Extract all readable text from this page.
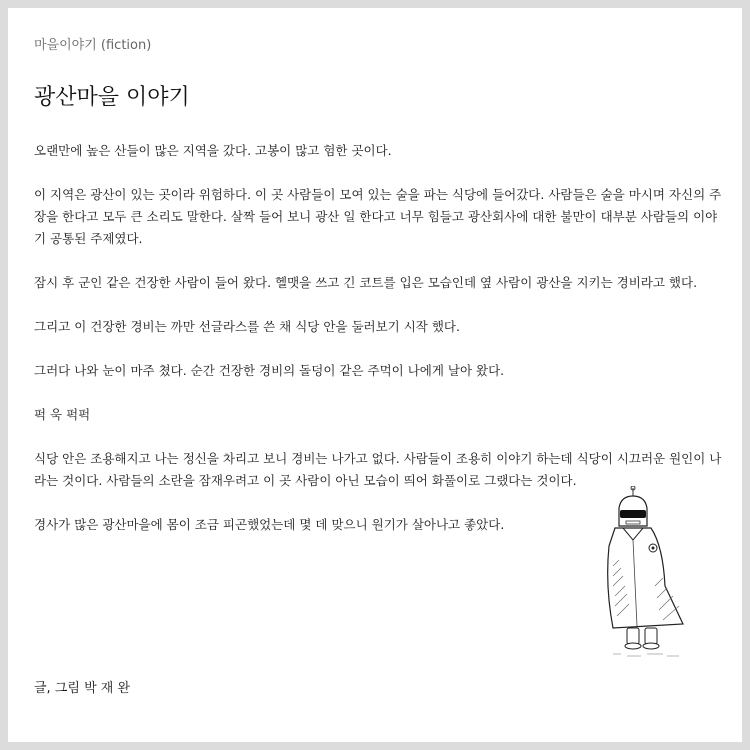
마을이야기 (fiction)
광산마을 이야기

오랜만에 높은 산들이 많은 지역을 갔다. 고봉이 많고 험한 곳이다.

이 지역은 광산이 있는 곳이라 위험하다. 이 곳 사람들이 모여 있는 술을 파는 식당에 들어갔다. 사람들은 술을 마시며 자신의 주장을 한다고 모두 큰 소리도 말한다. 살짝 들어 보니 광산 일 한다고 너무 힘들고 광산회사에 대한 불만이 대부분 사람들의 이야기 공통된 주제였다.

잠시 후 군인 같은 건장한 사람이 들어 왔다. 헬맷을 쓰고 긴 코트를 입은 모습인데 옆 사람이 광산을 지키는 경비라고 했다.

그리고 이 건장한 경비는 까만 선글라스를 쓴 채 식당 안을 둘러보기 시작 했다.

그러다 나와 눈이 마주 쳤다. 순간 건장한 경비의 돌덩이 같은 주먹이 나에게 날아 왔다.

퍽 욱 퍽퍽

식당 안은 조용해지고 나는 정신을 차리고 보니 경비는 나가고 없다. 사람들이 조용히 이야기 하는데 식당이 시끄러운 원인이 나라는 것이다. 사람들의 소란을 잠재우려고 이 곳 사람이 아닌 모습이 띄어 화풀이로 그랬다는 것이다.

경사가 많은 광산마을에 몸이 조금 피곤했었는데 몇 데 맞으니 원기가 살아나고 좋았다.

글, 그림 박 재 완
